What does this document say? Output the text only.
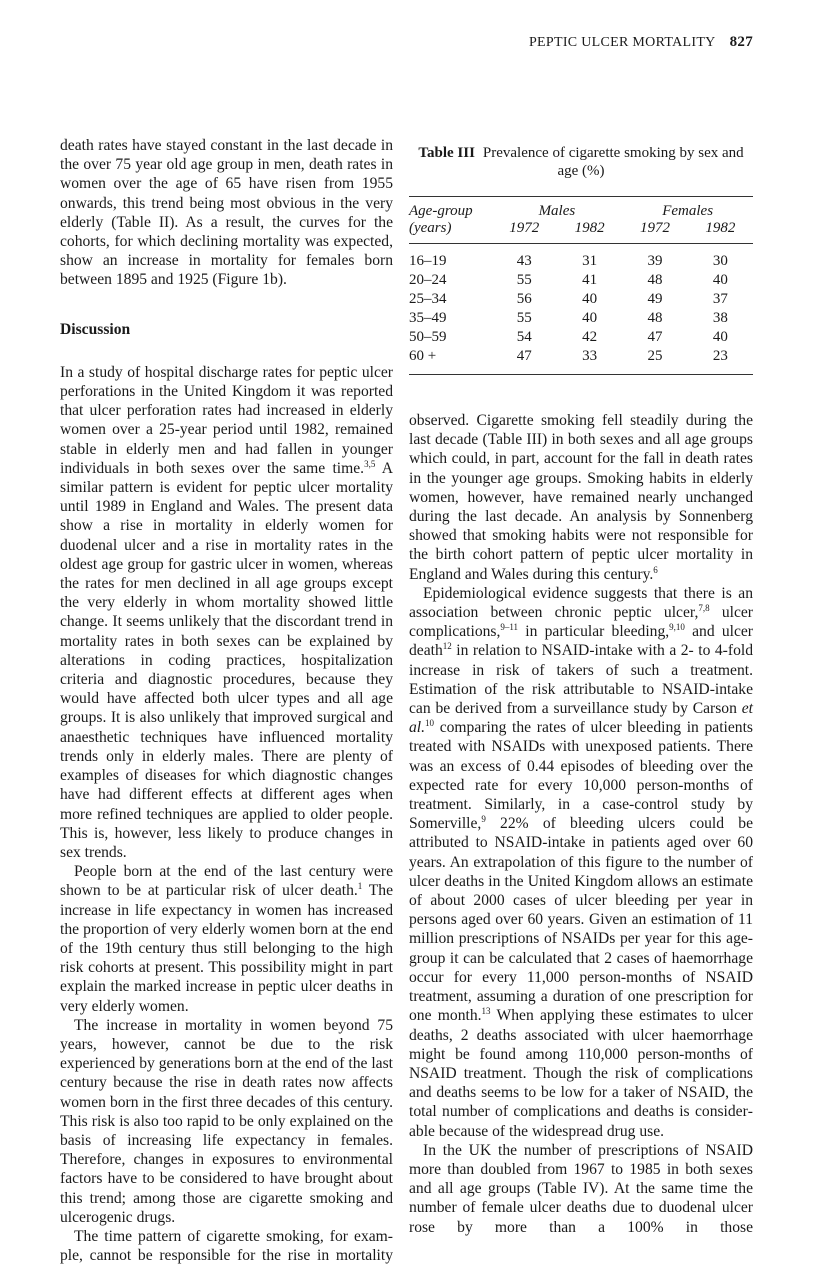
PEPTIC ULCER MORTALITY 827

death rates have stayed constant in the last decade in the over 75 year old age group in men, death rates in women over the age of 65 have risen from 1955 onwards, this trend being most obvious in the very elderly (Table II). As a result, the curves for the cohorts, for which declining mortality was expected, show an increase in mortality for females born between 1895 and 1925 (Figure 1b).

Discussion

In a study of hospital discharge rates for peptic ulcer perforations in the United Kingdom it was reported that ulcer perforation rates had increased in elderly women over a 25-year period until 1982, remained stable in elderly men and had fallen in younger individuals in both sexes over the same time.$^{3,5}$ A similar pattern is evident for peptic ulcer mortality until 1989 in England and Wales. The present data show a rise in mortality in elderly women for duodenal ulcer and a rise in mortality rates in the oldest age group for gastric ulcer in women, whereas the rates for men declined in all age groups except the very elderly in whom mortality showed little change. It seems unlikely that the discordant trend in mortality rates in both sexes can be explained by alterations in coding practices, hospitalization criteria and diagnostic procedures, because they would have affected both ulcer types and all age groups. It is also unlikely that improved surgical and anaesthetic techniques have influenced mortality trends only in elderly males. There are plenty of examples of diseases for which diagnostic changes have had different effects at different ages when more refined techniques are applied to older people. This is, however, less likely to produce changes in sex trends.

People born at the end of the last century were shown to be at particular risk of ulcer death.$^1$ The increase in life expectancy in women has increased the proportion of very elderly women born at the end of the 19th century thus still belonging to the high risk cohorts at present. This possibility might in part explain the marked increase in peptic ulcer deaths in very elderly women.

The increase in mortality in women beyond 75 years, however, cannot be due to the risk experienced by generations born at the end of the last century because the rise in death rates now affects women born in the first three decades of this century. This risk is also too rapid to be only explained on the basis of increasing life expectancy in females. Therefore, changes in exposures to environmental factors have to be considered to have brought about this trend; among those are cigarette smoking and ulcerogenic drugs.

The time pattern of cigarette smoking, for example, cannot be responsible for the rise in mortality

Table III Prevalence of cigarette smoking by sex and age (%)
Age-group	Males		Females	
(years)	1972	1982	1972	1982

16–19	43	31	39	30
20–24	55	41	48	40
25–34	56	40	49	37
35–49	55	40	48	38
50–59	54	42	47	40
60 +	47	33	25	23

observed. Cigarette smoking fell steadily during the last decade (Table III) in both sexes and all age groups which could, in part, account for the fall in death rates in the younger age groups. Smoking habits in elderly women, however, have remained nearly unchanged during the last decade. An analysis by Sonnenberg showed that smoking habits were not responsible for the birth cohort pattern of peptic ulcer mortality in England and Wales during this century.$^6$

Epidemiological evidence suggests that there is an association between chronic peptic ulcer,$^{7,8}$ ulcer complications,$^{9-11}$ in particular bleeding,$^{9,10}$ and ulcer death$^{12}$ in relation to NSAID-intake with a 2- to 4-fold increase in risk of takers of such a treatment. Estimation of the risk attributable to NSAID-intake can be derived from a surveillance study by Carson et al.$^{10}$ comparing the rates of ulcer bleeding in patients treated with NSAIDs with unexposed patients. There was an excess of 0.44 episodes of bleeding over the expected rate for every 10,000 person-months of treatment. Similarly, in a case-control study by Somerville,$^9$ 22% of bleeding ulcers could be attributed to NSAID-intake in patients aged over 60 years. An extrapolation of this figure to the number of ulcer deaths in the United Kingdom allows an estimate of about 2000 cases of ulcer bleeding per year in persons aged over 60 years. Given an estimation of 11 million prescriptions of NSAIDs per year for this age-group it can be calculated that 2 cases of haemorrhage occur for every 11,000 person-months of NSAID treatment, assuming a duration of one prescription for one month.$^{13}$ When applying these estimates to ulcer deaths, 2 deaths associated with ulcer haemorrhage might be found among 110,000 person-months of NSAID treatment. Though the risk of complications and deaths seems to be low for a taker of NSAID, the total number of complications and deaths is considerable because of the widespread drug use.

In the UK the number of prescriptions of NSAID more than doubled from 1967 to 1985 in both sexes and all age groups (Table IV). At the same time the number of female ulcer deaths due to duodenal ulcer rose by more than a 100% in those
